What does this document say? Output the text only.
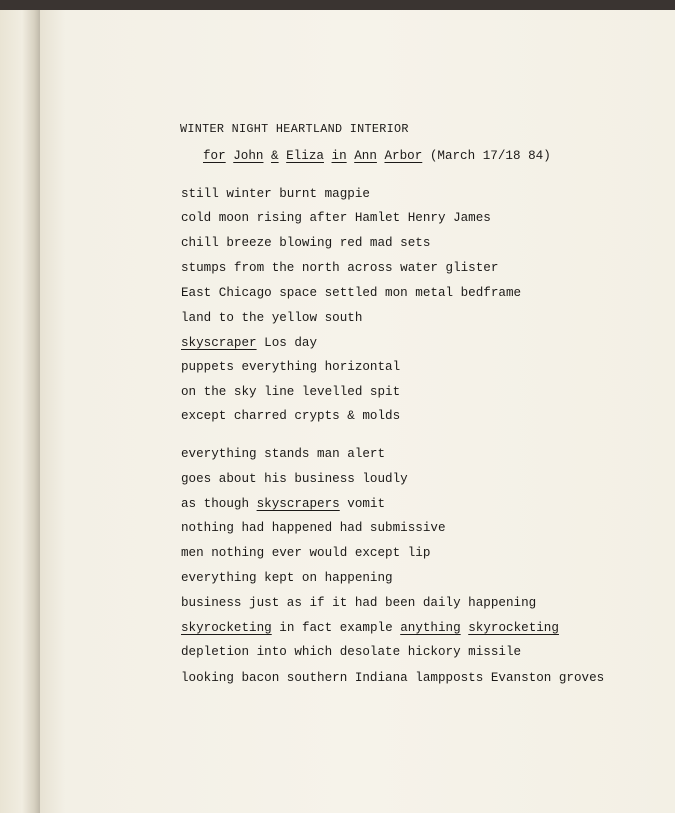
WINTER NIGHT HEARTLAND INTERIOR
for John & Eliza in Ann Arbor (March 17/18 84)
still winter burnt magpie
cold moon rising after Hamlet Henry James
chill breeze blowing red mad sets
stumps from the north across water glister
East Chicago space settled mon metal bedframe
land to the yellow south
skyscraper Los day
puppets everything horizontal
on the sky line levelled spit
except charred crypts & molds
everything stands man alert
goes about his business loudly
as though skyscrapers vomit
nothing had happened had submissive
men nothing ever would except lip
everything kept on happening
business just as if it had been daily happening
skyrocketing in fact example anything skyrocketing
depletion into which desolate hickory missile
looking bacon southern Indiana lampposts Evanston groves
